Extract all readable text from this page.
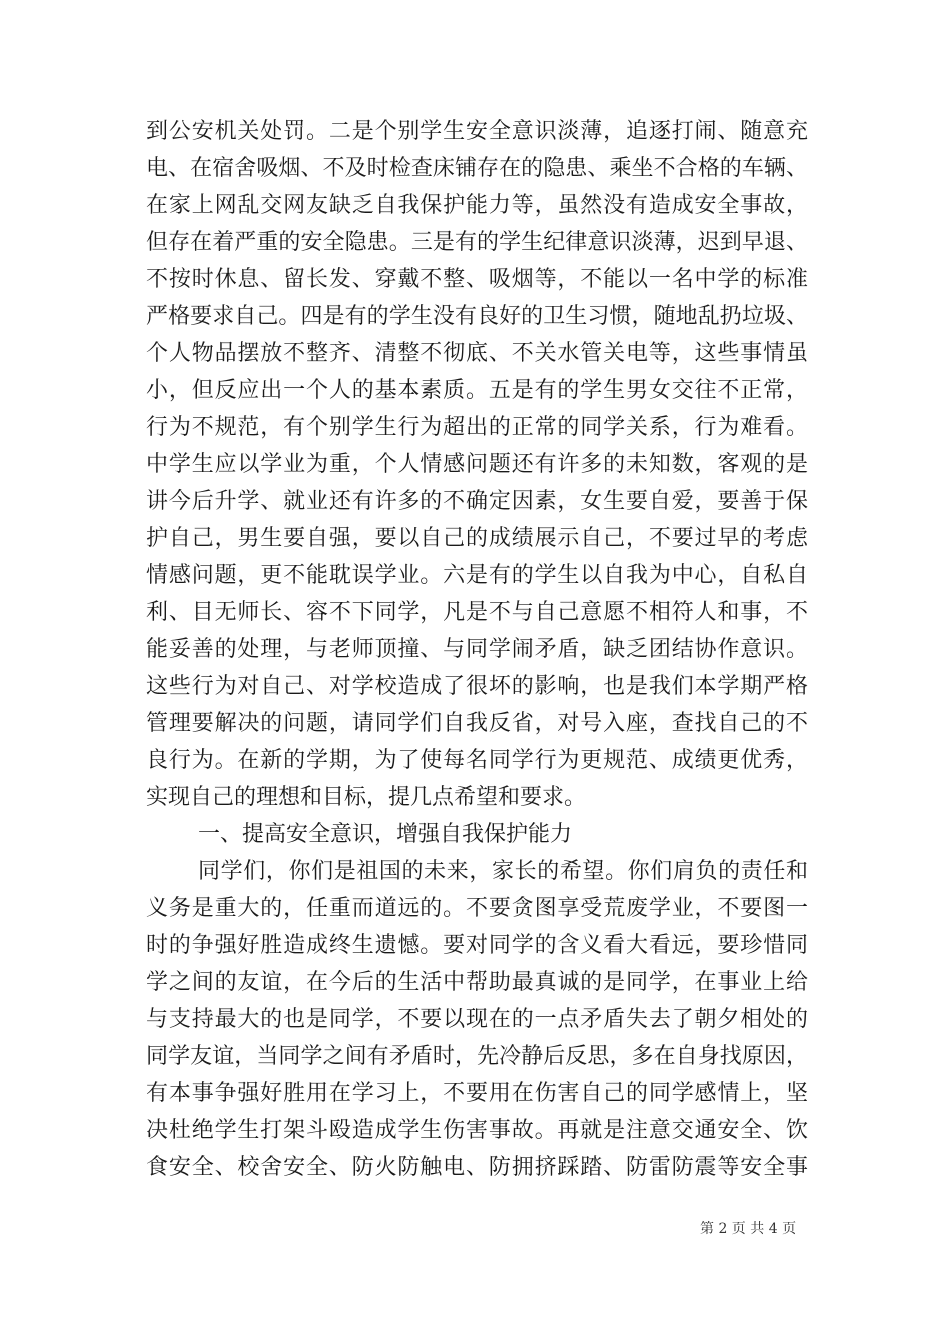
到公安机关处罚。二是个别学生安全意识淡薄，追逐打闹、随意充
电、在宿舍吸烟、不及时检查床铺存在的隐患、乘坐不合格的车辆、
在家上网乱交网友缺乏自我保护能力等，虽然没有造成安全事故，
但存在着严重的安全隐患。三是有的学生纪律意识淡薄，迟到早退、
不按时休息、留长发、穿戴不整、吸烟等，不能以一名中学的标准
严格要求自己。四是有的学生没有良好的卫生习惯，随地乱扔垃圾、
个人物品摆放不整齐、清整不彻底、不关水管关电等，这些事情虽
小，但反应出一个人的基本素质。五是有的学生男女交往不正常，
行为不规范，有个别学生行为超出的正常的同学关系，行为难看。
中学生应以学业为重，个人情感问题还有许多的未知数，客观的是
讲今后升学、就业还有许多的不确定因素，女生要自爱，要善于保
护自己，男生要自强，要以自己的成绩展示自己，不要过早的考虑
情感问题，更不能耽误学业。六是有的学生以自我为中心，自私自
利、目无师长、容不下同学，凡是不与自己意愿不相符人和事，不
能妥善的处理，与老师顶撞、与同学闹矛盾，缺乏团结协作意识。
这些行为对自己、对学校造成了很坏的影响，也是我们本学期严格
管理要解决的问题，请同学们自我反省，对号入座，查找自己的不
良行为。在新的学期，为了使每名同学行为更规范、成绩更优秀，
实现自己的理想和目标，提几点希望和要求。
一、提高安全意识，增强自我保护能力
同学们，你们是祖国的未来，家长的希望。你们肩负的责任和
义务是重大的，任重而道远的。不要贪图享受荒废学业，不要图一
时的争强好胜造成终生遗憾。要对同学的含义看大看远，要珍惜同
学之间的友谊，在今后的生活中帮助最真诚的是同学，在事业上给
与支持最大的也是同学，不要以现在的一点矛盾失去了朝夕相处的
同学友谊，当同学之间有矛盾时，先冷静后反思，多在自身找原因，
有本事争强好胜用在学习上，不要用在伤害自己的同学感情上，坚
决杜绝学生打架斗殴造成学生伤害事故。再就是注意交通安全、饮
食安全、校舍安全、防火防触电、防拥挤踩踏、防雷防震等安全事
第 2 页 共 4 页
